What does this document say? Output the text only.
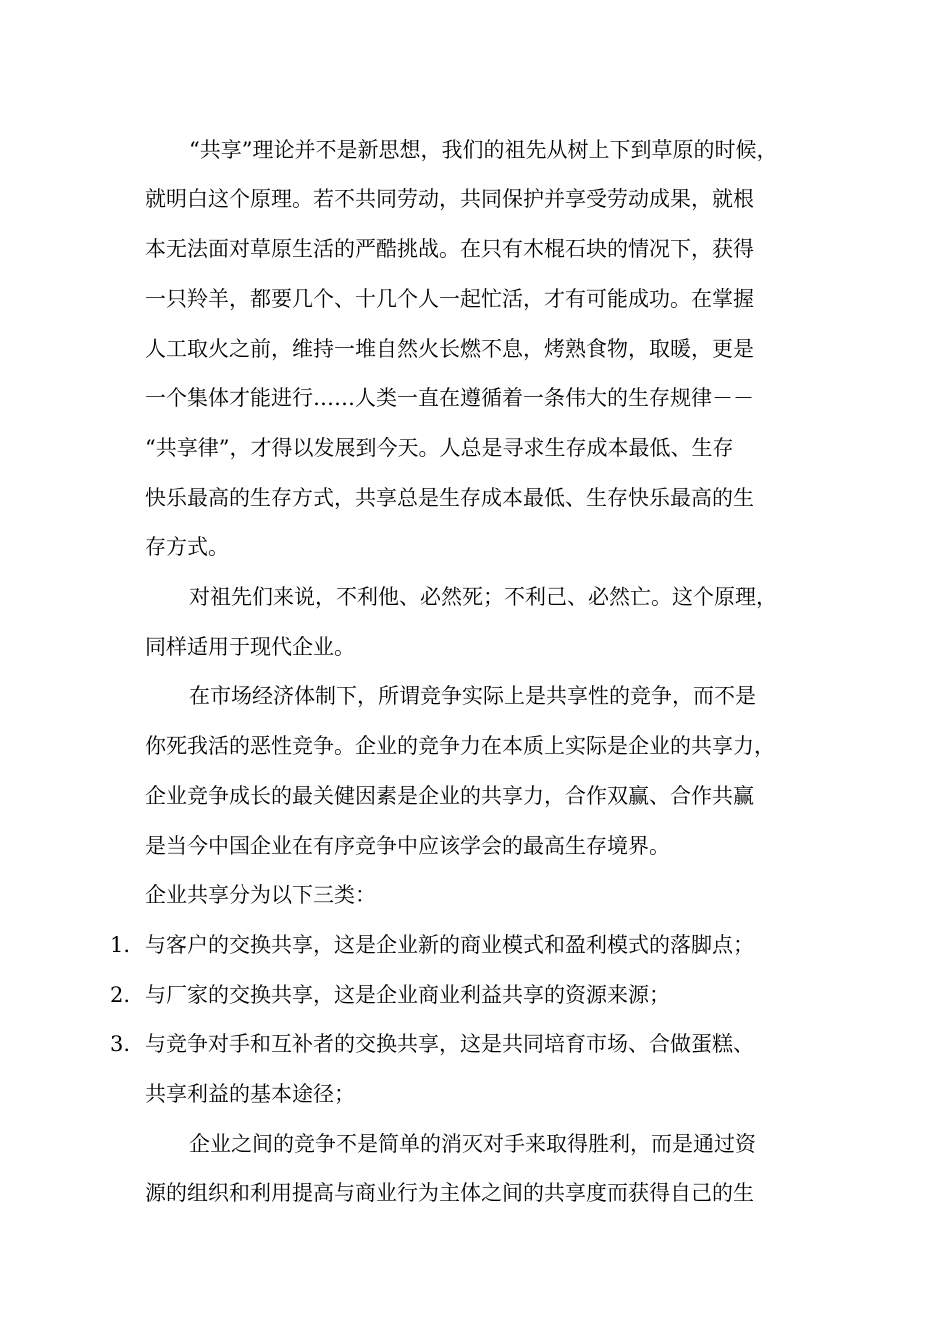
“共享”理论并不是新思想，我们的祖先从树上下到草原的时候，
就明白这个原理。若不共同劳动，共同保护并享受劳动成果，就根
本无法面对草原生活的严酷挑战。在只有木棍石块的情况下，获得
一只羚羊，都要几个、十几个人一起忙活，才有可能成功。在掌握
人工取火之前，维持一堆自然火长燃不息，烤熟食物，取暖，更是
一个集体才能进行……人类一直在遵循着一条伟大的生存规律－－
“共享律”，才得以发展到今天。人总是寻求生存成本最低、生存
快乐最高的生存方式，共享总是生存成本最低、生存快乐最高的生
存方式。
对祖先们来说，不利他、必然死；不利己、必然亡。这个原理，
同样适用于现代企业。
在市场经济体制下，所谓竞争实际上是共享性的竞争，而不是
你死我活的恶性竞争。企业的竞争力在本质上实际是企业的共享力，
企业竞争成长的最关健因素是企业的共享力，合作双赢、合作共赢
是当今中国企业在有序竞争中应该学会的最高生存境界。
企业共享分为以下三类：
1. 与客户的交换共享，这是企业新的商业模式和盈利模式的落脚点；
2. 与厂家的交换共享，这是企业商业利益共享的资源来源；
3. 与竞争对手和互补者的交换共享，这是共同培育市场、合做蛋糕、
共享利益的基本途径；
企业之间的竞争不是简单的消灭对手来取得胜利，而是通过资
源的组织和利用提高与商业行为主体之间的共享度而获得自己的生
